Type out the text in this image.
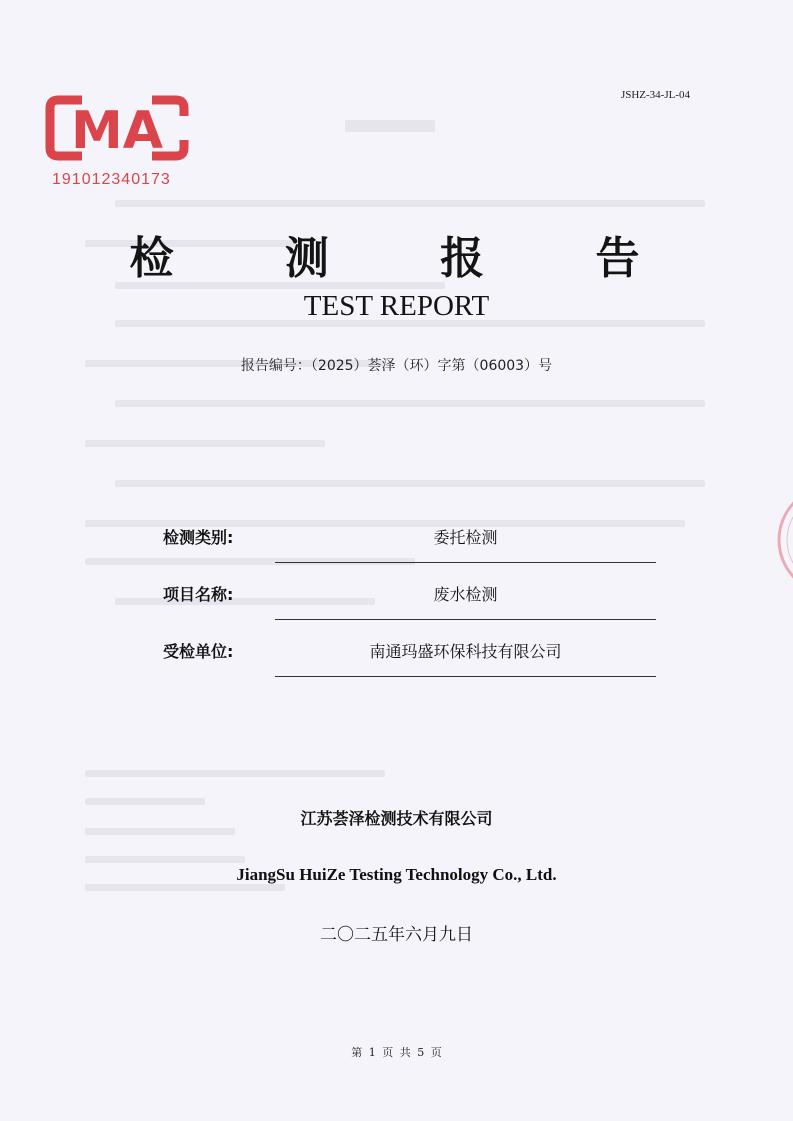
JSHZ-34-JL-04
MA
191012340173
检 测 报 告
TEST REPORT
报告编号：（2025）荟泽（环）字第（06003）号
检测类别:	委托检测
项目名称:	废水检测
受检单位:	南通玛盛环保科技有限公司
江苏荟泽检测技术有限公司
JiangSu HuiZe Testing Technology Co., Ltd.
二〇二五年六月九日
第 1 页 共 5 页
